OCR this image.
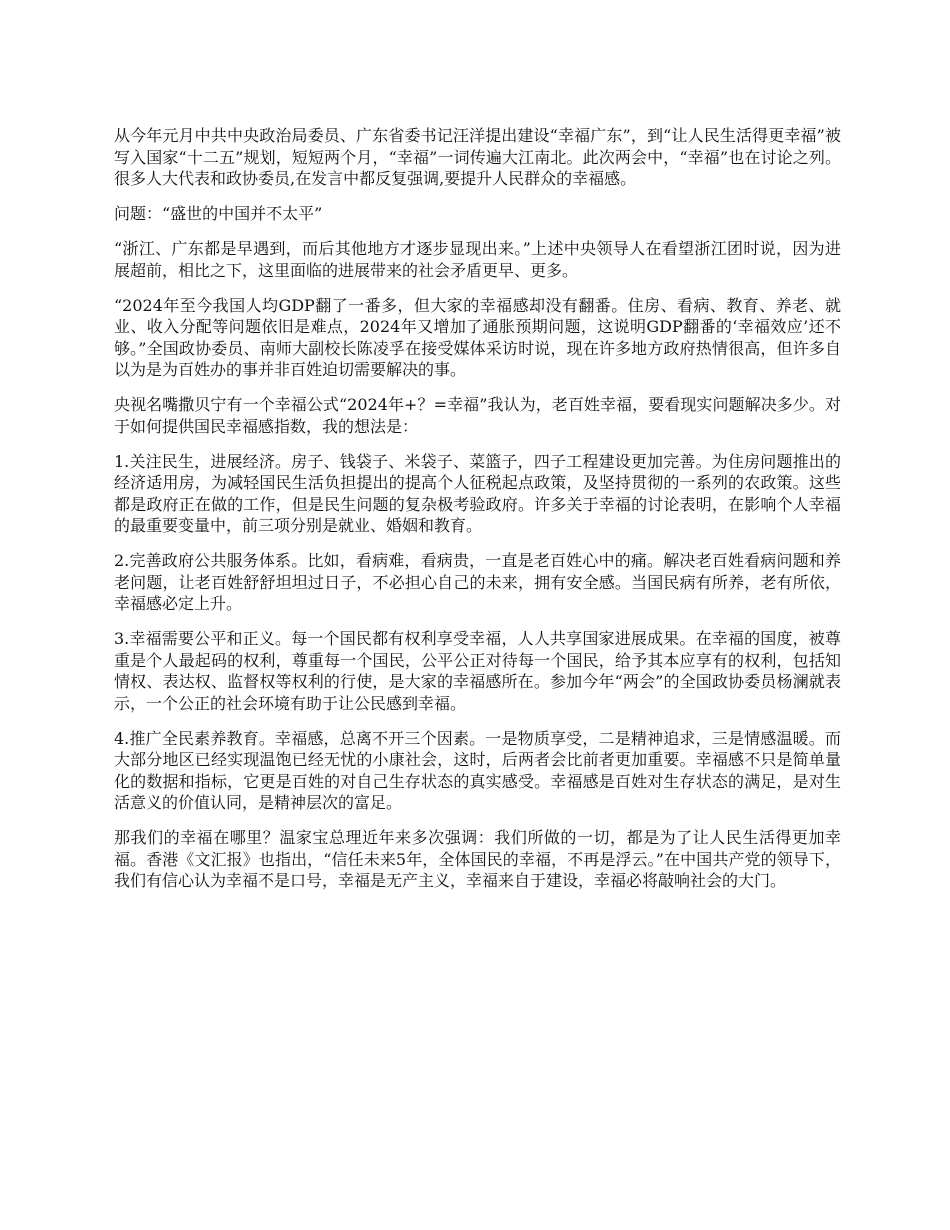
从今年元月中共中央政治局委员、广东省委书记汪洋提出建设“幸福广东”，到“让人民生活得更幸福”被写入国家“十二五”规划，短短两个月，“幸福”一词传遍大江南北。此次两会中，“幸福”也在讨论之列。很多人大代表和政协委员,在发言中都反复强调,要提升人民群众的幸福感。

问题：“盛世的中国并不太平”

“浙江、广东都是早遇到，而后其他地方才逐步显现出来。”上述中央领导人在看望浙江团时说，因为进展超前，相比之下，这里面临的进展带来的社会矛盾更早、更多。

“2024年至今我国人均GDP翻了一番多，但大家的幸福感却没有翻番。住房、看病、教育、养老、就业、收入分配等问题依旧是难点，2024年又增加了通胀预期问题，这说明GDP翻番的‘幸福效应’还不够。”全国政协委员、南师大副校长陈凌孚在接受媒体采访时说，现在许多地方政府热情很高，但许多自以为是为百姓办的事并非百姓迫切需要解决的事。

央视名嘴撒贝宁有一个幸福公式“2024年+？=幸福”我认为，老百姓幸福，要看现实问题解决多少。对于如何提供国民幸福感指数，我的想法是：

1.关注民生，进展经济。房子、钱袋子、米袋子、菜篮子，四子工程建设更加完善。为住房问题推出的经济适用房，为减轻国民生活负担提出的提高个人征税起点政策，及坚持贯彻的一系列的农政策。这些都是政府正在做的工作，但是民生问题的复杂极考验政府。许多关于幸福的讨论表明，在影响个人幸福的最重要变量中，前三项分别是就业、婚姻和教育。

2.完善政府公共服务体系。比如，看病难，看病贵，一直是老百姓心中的痛。解决老百姓看病问题和养老问题，让老百姓舒舒坦坦过日子，不必担心自己的未来，拥有安全感。当国民病有所养，老有所依，幸福感必定上升。

3.幸福需要公平和正义。每一个国民都有权利享受幸福，人人共享国家进展成果。在幸福的国度，被尊重是个人最起码的权利，尊重每一个国民，公平公正对待每一个国民，给予其本应享有的权利，包括知情权、表达权、监督权等权利的行使，是大家的幸福感所在。参加今年“两会”的全国政协委员杨澜就表示，一个公正的社会环境有助于让公民感到幸福。

4.推广全民素养教育。幸福感，总离不开三个因素。一是物质享受，二是精神追求，三是情感温暖。而大部分地区已经实现温饱已经无忧的小康社会，这时，后两者会比前者更加重要。幸福感不只是简单量化的数据和指标，它更是百姓的对自己生存状态的真实感受。幸福感是百姓对生存状态的满足，是对生活意义的价值认同，是精神层次的富足。

那我们的幸福在哪里？温家宝总理近年来多次强调：我们所做的一切，都是为了让人民生活得更加幸福。香港《文汇报》也指出，“信任未来5年，全体国民的幸福，不再是浮云。”在中国共产党的领导下，我们有信心认为幸福不是口号，幸福是无产主义，幸福来自于建设，幸福必将敲响社会的大门。
